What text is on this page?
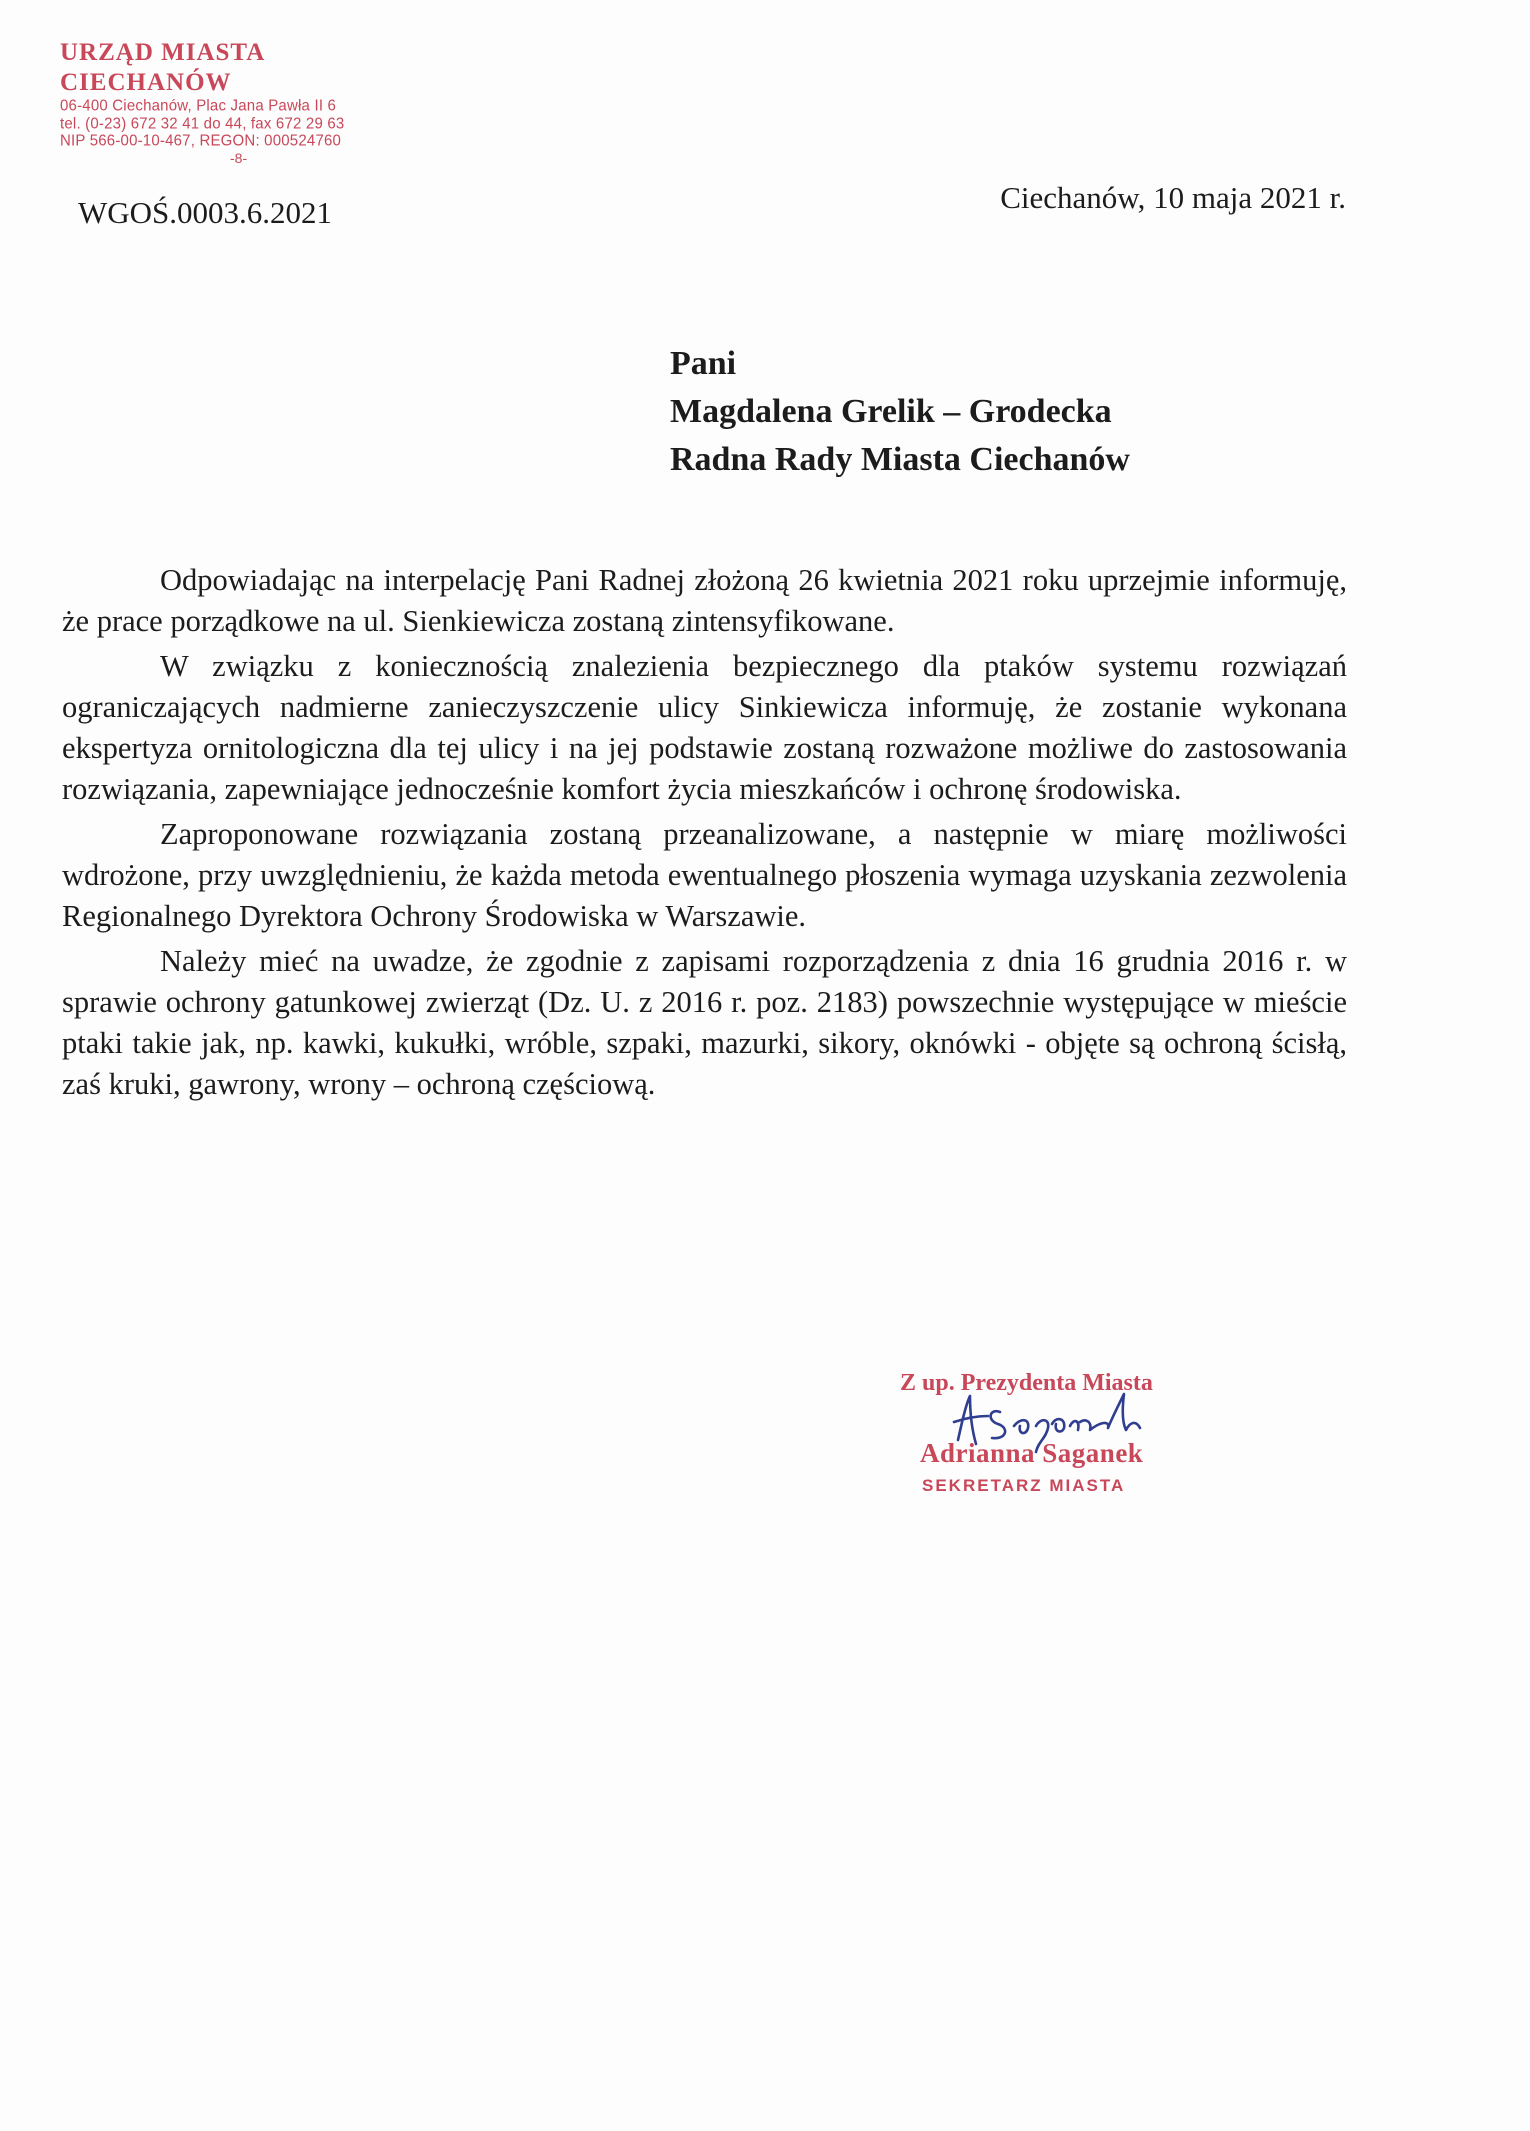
URZĄD MIASTA CIECHANÓW
06-400 Ciechanów, Plac Jana Pawła II 6
tel. (0-23) 672 32 41 do 44, fax 672 29 63
NIP 566-00-10-467, REGON: 000524760
-8-
WGOŚ.0003.6.2021	Ciechanów, 10 maja 2021 r.
Pani
Magdalena Grelik – Grodecka
Radna Rady Miasta Ciechanów

Odpowiadając na interpelację Pani Radnej złożoną 26 kwietnia 2021 roku uprzejmie informuję, że prace porządkowe na ul. Sienkiewicza zostaną zintensyfikowane.

W związku z koniecznością znalezienia bezpiecznego dla ptaków systemu rozwiązań ograniczających nadmierne zanieczyszczenie ulicy Sinkiewicza informuję, że zostanie wykonana ekspertyza ornitologiczna dla tej ulicy i na jej podstawie zostaną rozważone możliwe do zastosowania rozwiązania, zapewniające jednocześnie komfort życia mieszkańców i ochronę środowiska.

Zaproponowane rozwiązania zostaną przeanalizowane, a następnie w miarę możliwości wdrożone, przy uwzględnieniu, że każda metoda ewentualnego płoszenia wymaga uzyskania zezwolenia Regionalnego Dyrektora Ochrony Środowiska w Warszawie.

Należy mieć na uwadze, że zgodnie z zapisami rozporządzenia z dnia 16 grudnia 2016 r. w sprawie ochrony gatunkowej zwierząt (Dz. U. z 2016 r. poz. 2183) powszechnie występujące w mieście ptaki takie jak, np. kawki, kukułki, wróble, szpaki, mazurki, sikory, oknówki - objęte są ochroną ścisłą, zaś kruki, gawrony, wrony – ochroną częściową.

Z up. Prezydenta Miasta
Adrianna Saganek
SEKRETARZ MIASTA
